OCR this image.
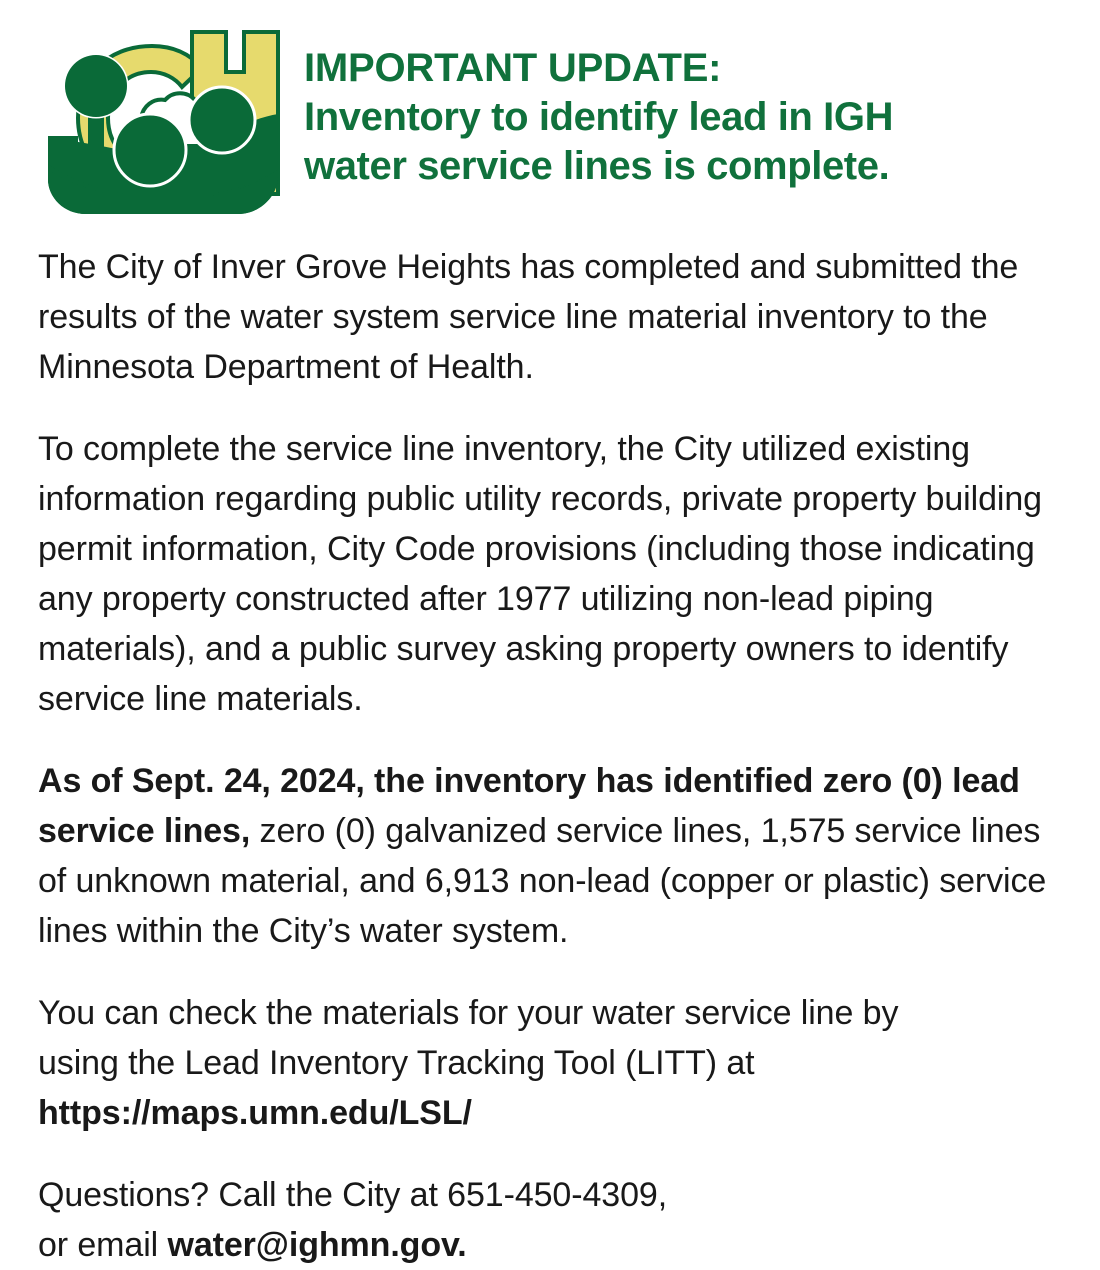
IMPORTANT UPDATE:
Inventory to identify lead in IGH
water service lines is complete.

The City of Inver Grove Heights has completed and submitted the results of the water system service line material inventory to the Minnesota Department of Health.

To complete the service line inventory, the City utilized existing information regarding public utility records, private property building permit information, City Code provisions (including those indicating any property constructed after 1977 utilizing non-lead piping materials), and a public survey asking property owners to identify service line materials.

As of Sept. 24, 2024, the inventory has identified zero (0) lead service lines, zero (0) galvanized service lines, 1,575 service lines of unknown material, and 6,913 non-lead (copper or plastic) service lines within the City’s water system.

You can check the materials for your water service line by using the Lead Inventory Tracking Tool (LITT) at
https://maps.umn.edu/LSL/

Questions? Call the City at 651-450-4309,
or email water@ighmn.gov.
